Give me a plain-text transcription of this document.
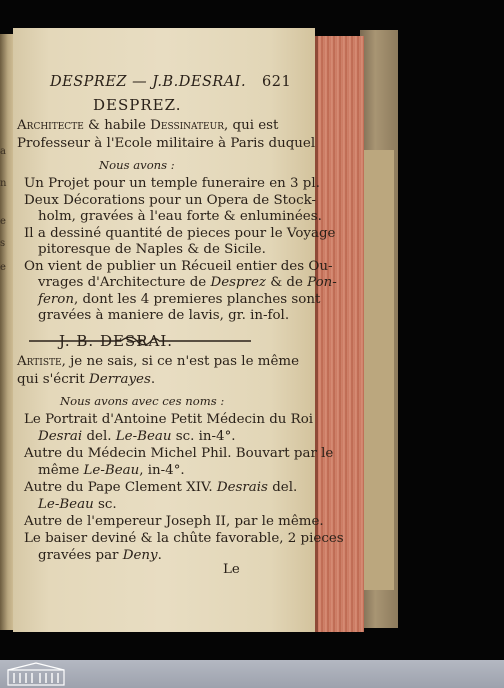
a
n
e
s
e
DESPREZ — J.B.DESRAI. 621
DESPREZ.
Architecte & habile Dessinateur, qui est
Professeur à l'Ecole militaire à Paris duquel
Nous avons :
Un Projet pour un temple funeraire en 3 pl.
Deux Décorations pour un Opera de Stock-
holm, gravées à l'eau forte & enluminées.
Il a dessiné quantité de pieces pour le Voyage
pitoresque de Naples & de Sicile.
On vient de publier un Récueil entier des Ou-
vrages d'Architecture de Desprez & de Pon-
feron, dont les 4 premieres planches sont
gravées à maniere de lavis, gr. in-fol.
J. B. DESRAI.
Artiste, je ne sais, si ce n'est pas le même
qui s'écrit Derrayes.
Nous avons avec ces noms :
Le Portrait d'Antoine Petit Médecin du Roi
Desrai del. Le-Beau sc. in-4°.
Autre du Médecin Michel Phil. Bouvart par le
même Le-Beau, in-4°.
Autre du Pape Clement XIV. Desrais del.
Le-Beau sc.
Autre de l'empereur Joseph II, par le même.
Le baiser deviné & la chûte favorable, 2 pieces
gravées par Deny.
Le
